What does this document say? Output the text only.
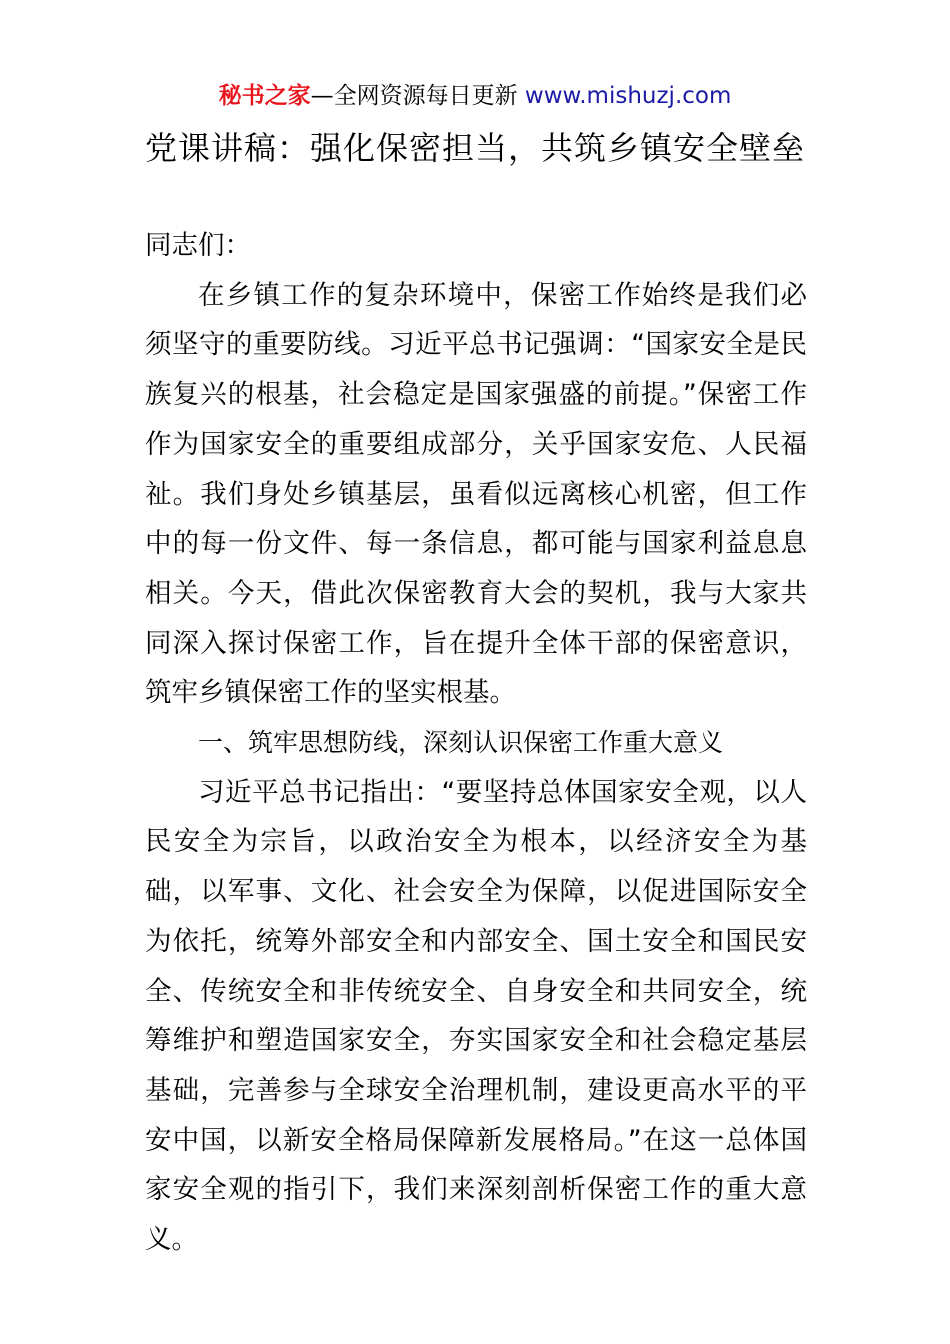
秘书之家—全网资源每日更新 www.mishuzj.com
党课讲稿：强化保密担当，共筑乡镇安全壁垒

同志们：

在乡镇工作的复杂环境中，保密工作始终是我们必须坚守的重要防线。习近平总书记强调：“国家安全是民族复兴的根基，社会稳定是国家强盛的前提。”保密工作作为国家安全的重要组成部分，关乎国家安危、人民福祉。我们身处乡镇基层，虽看似远离核心机密，但工作中的每一份文件、每一条信息，都可能与国家利益息息相关。今天，借此次保密教育大会的契机，我与大家共同深入探讨保密工作，旨在提升全体干部的保密意识，筑牢乡镇保密工作的坚实根基。

一、筑牢思想防线，深刻认识保密工作重大意义

习近平总书记指出：“要坚持总体国家安全观，以人民安全为宗旨，以政治安全为根本，以经济安全为基础，以军事、文化、社会安全为保障，以促进国际安全为依托，统筹外部安全和内部安全、国土安全和国民安全、传统安全和非传统安全、自身安全和共同安全，统筹维护和塑造国家安全，夯实国家安全和社会稳定基层基础，完善参与全球安全治理机制，建设更高水平的平安中国，以新安全格局保障新发展格局。”在这一总体国家安全观的指引下，我们来深刻剖析保密工作的重大意义。
